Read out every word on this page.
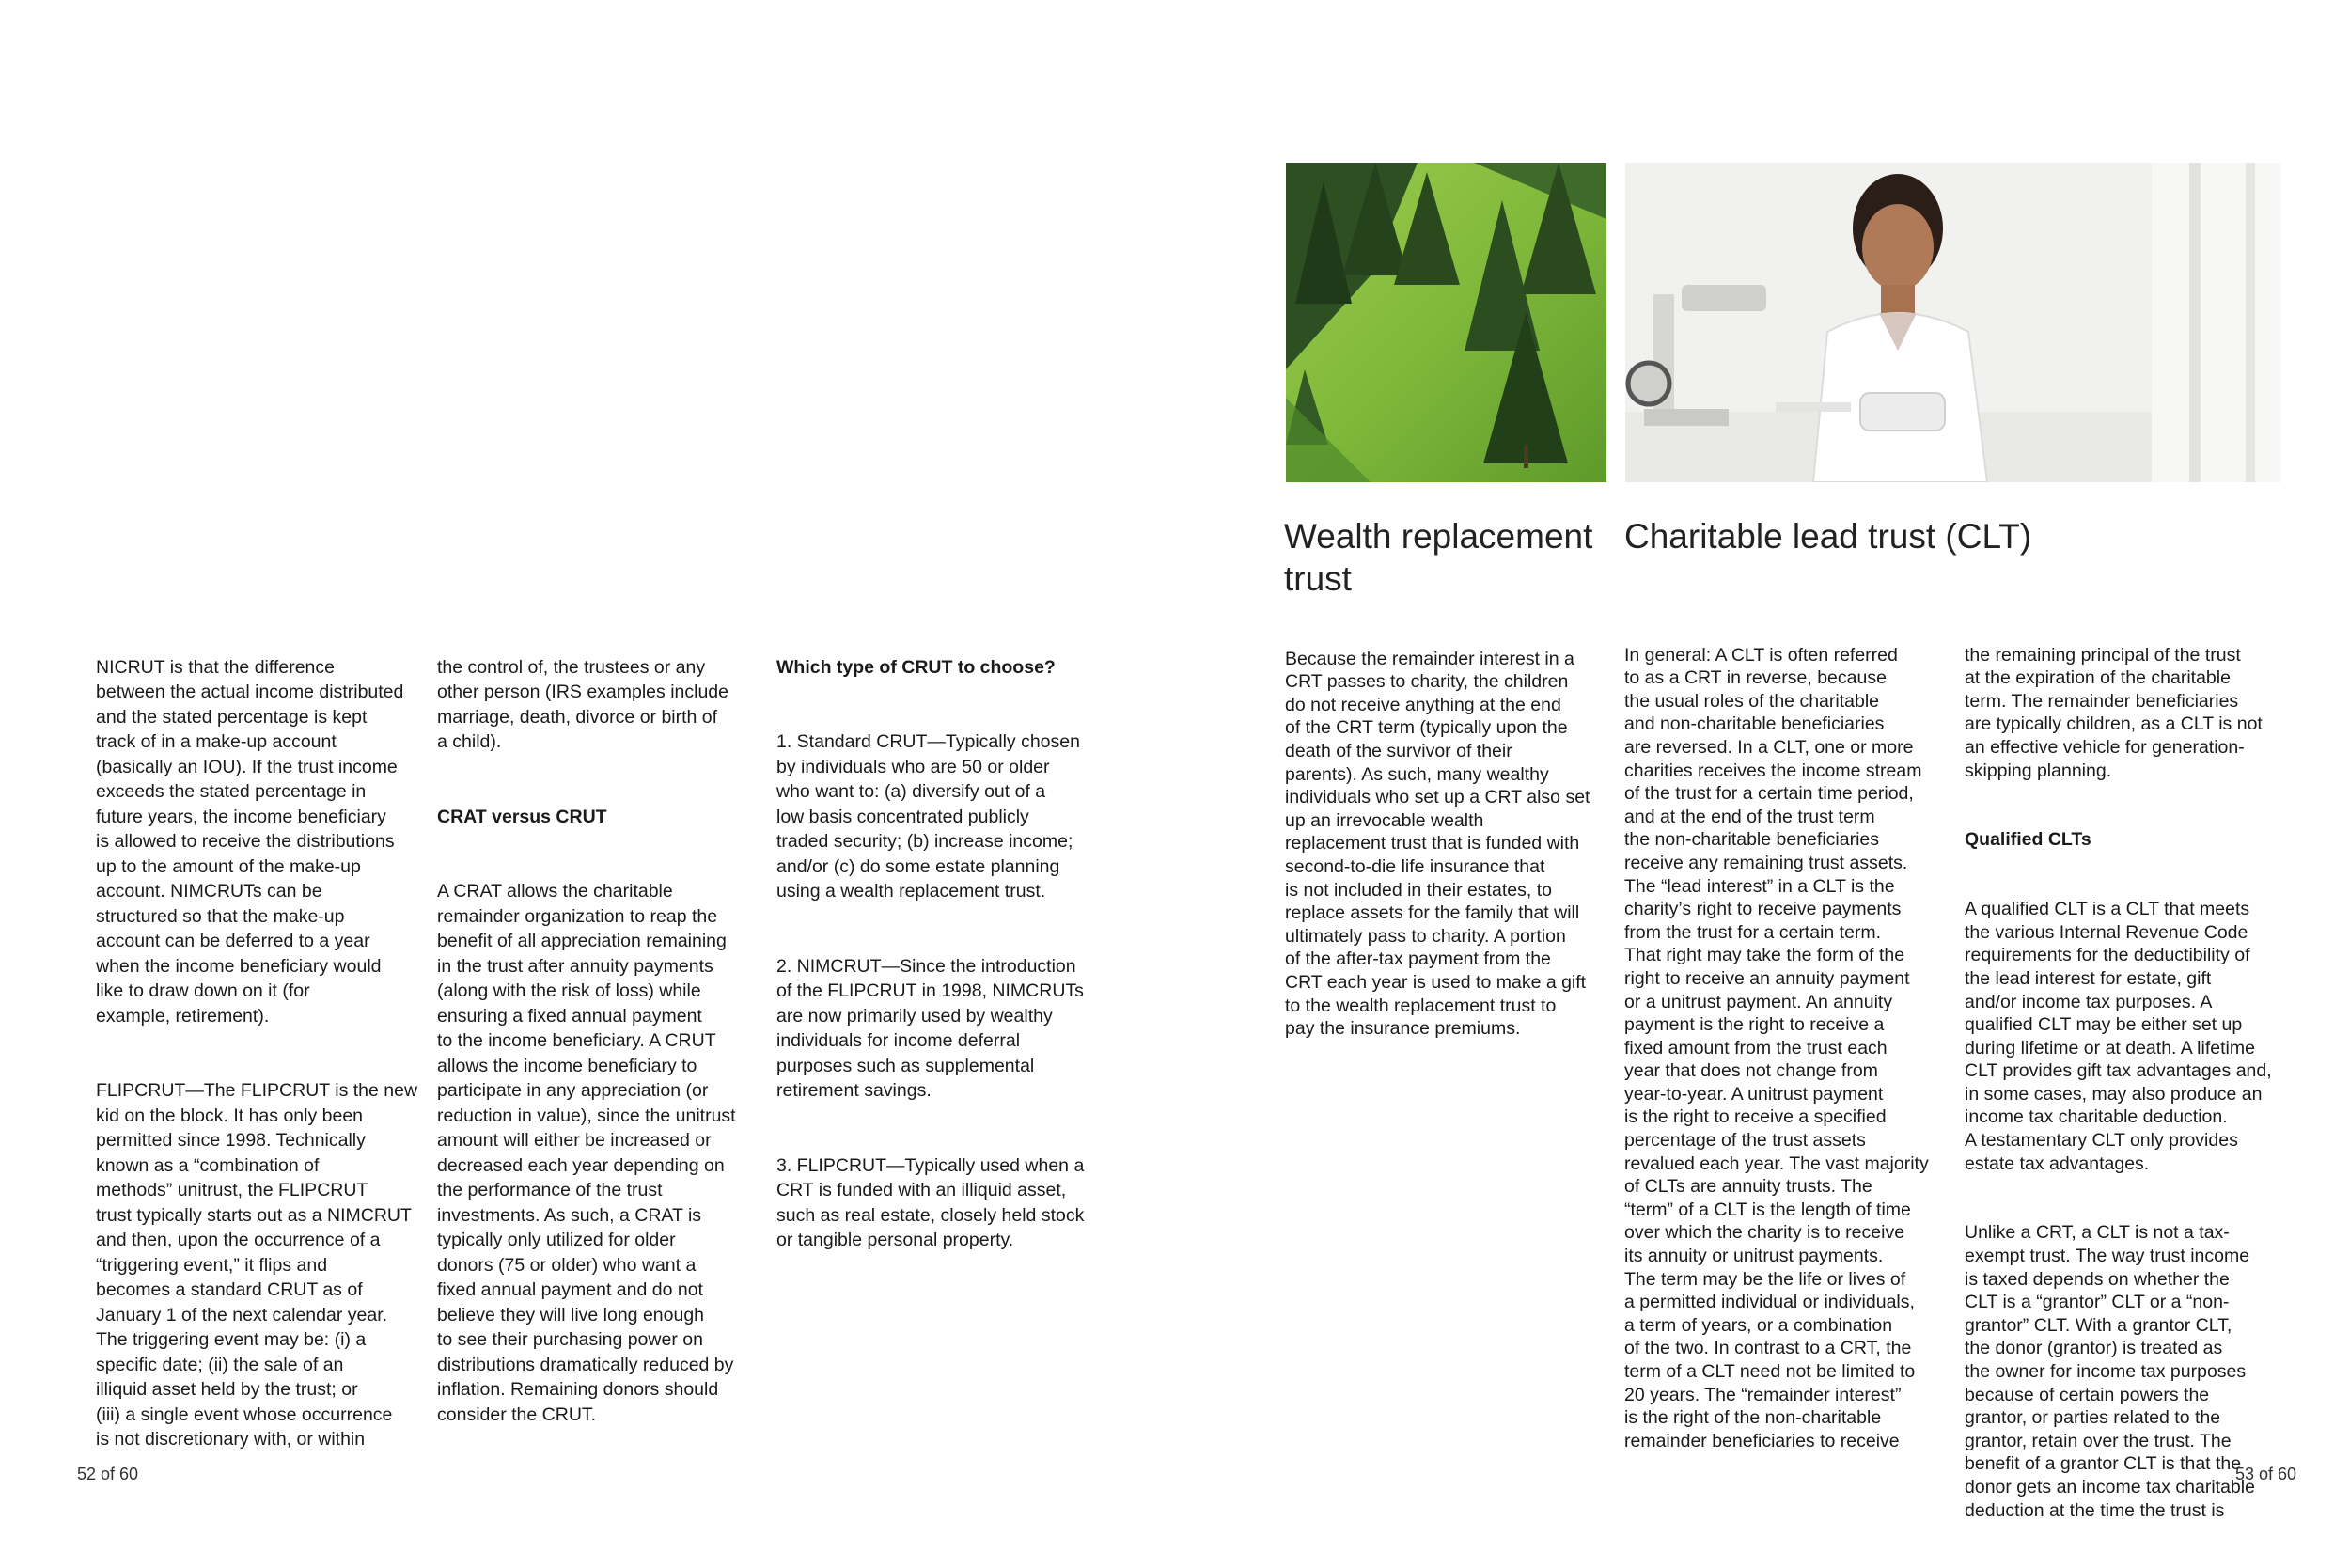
NICRUT is that the difference
between the actual income distributed
and the stated percentage is kept
track of in a make-up account
(basically an IOU). If the trust income
exceeds the stated percentage in
future years, the income beneficiary
is allowed to receive the distributions
up to the amount of the make-up
account. NIMCRUTs can be
structured so that the make-up
account can be deferred to a year
when the income beneficiary would
like to draw down on it (for
example, retirement).

FLIPCRUT—The FLIPCRUT is the new
kid on the block. It has only been
permitted since 1998. Technically
known as a “combination of
methods” unitrust, the FLIPCRUT
trust typically starts out as a NIMCRUT
and then, upon the occurrence of a
“triggering event,” it flips and
becomes a standard CRUT as of
January 1 of the next calendar year.
The triggering event may be: (i) a
specific date; (ii) the sale of an
illiquid asset held by the trust; or
(iii) a single event whose occurrence
is not discretionary with, or within

the control of, the trustees or any
other person (IRS examples include
marriage, death, divorce or birth of
a child).

CRAT versus CRUT

A CRAT allows the charitable
remainder organization to reap the
benefit of all appreciation remaining
in the trust after annuity payments
(along with the risk of loss) while
ensuring a fixed annual payment
to the income beneficiary. A CRUT
allows the income beneficiary to
participate in any appreciation (or
reduction in value), since the unitrust
amount will either be increased or
decreased each year depending on
the performance of the trust
investments. As such, a CRAT is
typically only utilized for older
donors (75 or older) who want a
fixed annual payment and do not
believe they will live long enough
to see their purchasing power on
distributions dramatically reduced by
inflation. Remaining donors should
consider the CRUT.

Which type of CRUT to choose?

1. Standard CRUT—Typically chosen
by individuals who are 50 or older
who want to: (a) diversify out of a
low basis concentrated publicly
traded security; (b) increase income;
and/or (c) do some estate planning
using a wealth replacement trust.

2. NIMCRUT—Since the introduction
of the FLIPCRUT in 1998, NIMCRUTs
are now primarily used by wealthy
individuals for income deferral
purposes such as supplemental
retirement savings.

3. FLIPCRUT—Typically used when a
CRT is funded with an illiquid asset,
such as real estate, closely held stock
or tangible personal property.

52 of 60
Wealth replacement
trust

Because the remainder interest in a
CRT passes to charity, the children
do not receive anything at the end
of the CRT term (typically upon the
death of the survivor of their
parents). As such, many wealthy
individuals who set up a CRT also set
up an irrevocable wealth
replacement trust that is funded with
second-to-die life insurance that
is not included in their estates, to
replace assets for the family that will
ultimately pass to charity. A portion
of the after-tax payment from the
CRT each year is used to make a gift
to the wealth replacement trust to
pay the insurance premiums.

Charitable lead trust (CLT)

In general: A CLT is often referred
to as a CRT in reverse, because
the usual roles of the charitable
and non-charitable beneficiaries
are reversed. In a CLT, one or more
charities receives the income stream
of the trust for a certain time period,
and at the end of the trust term
the non-charitable beneficiaries
receive any remaining trust assets.
The “lead interest” in a CLT is the
charity’s right to receive payments
from the trust for a certain term.
That right may take the form of the
right to receive an annuity payment
or a unitrust payment. An annuity
payment is the right to receive a
fixed amount from the trust each
year that does not change from
year-to-year. A unitrust payment
is the right to receive a specified
percentage of the trust assets
revalued each year. The vast majority
of CLTs are annuity trusts. The
“term” of a CLT is the length of time
over which the charity is to receive
its annuity or unitrust payments.
The term may be the life or lives of
a permitted individual or individuals,
a term of years, or a combination
of the two. In contrast to a CRT, the
term of a CLT need not be limited to
20 years. The “remainder interest”
is the right of the non-charitable
remainder beneficiaries to receive

the remaining principal of the trust
at the expiration of the charitable
term. The remainder beneficiaries
are typically children, as a CLT is not
an effective vehicle for generation-
skipping planning.

Qualified CLTs

A qualified CLT is a CLT that meets
the various Internal Revenue Code
requirements for the deductibility of
the lead interest for estate, gift
and/or income tax purposes. A
qualified CLT may be either set up
during lifetime or at death. A lifetime
CLT provides gift tax advantages and,
in some cases, may also produce an
income tax charitable deduction.
A testamentary CLT only provides
estate tax advantages.

Unlike a CRT, a CLT is not a tax-
exempt trust. The way trust income
is taxed depends on whether the
CLT is a “grantor” CLT or a “non-
grantor” CLT. With a grantor CLT,
the donor (grantor) is treated as
the owner for income tax purposes
because of certain powers the
grantor, or parties related to the
grantor, retain over the trust. The
benefit of a grantor CLT is that the
donor gets an income tax charitable
deduction at the time the trust is

53 of 60
